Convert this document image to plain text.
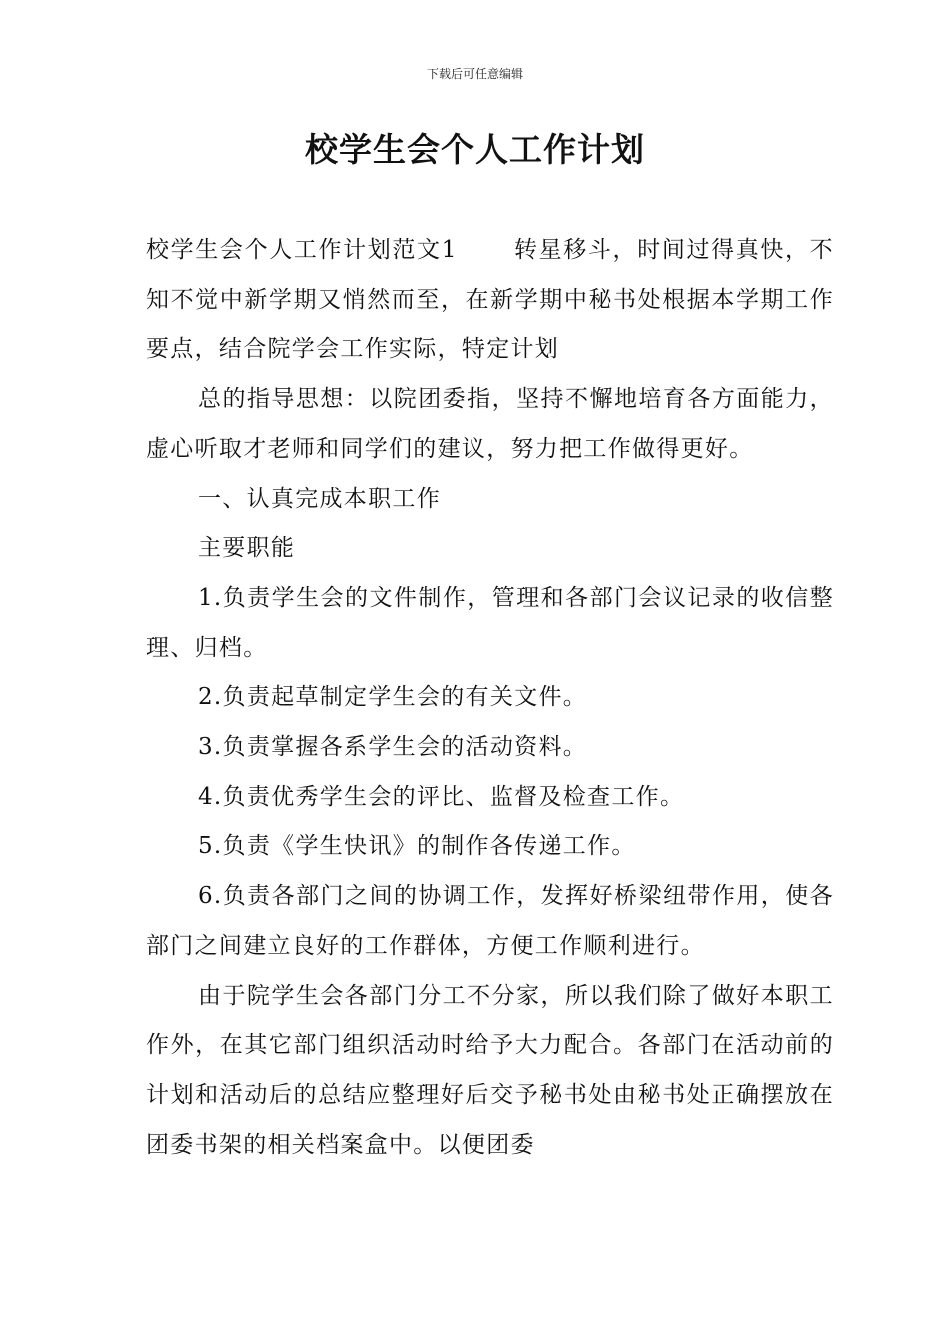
下载后可任意编辑
校学生会个人工作计划

校学生会个人工作计划范文1 转星移斗，时间过得真快，不知不觉中新学期又悄然而至，在新学期中秘书处根据本学期工作要点，结合院学会工作实际，特定计划

总的指导思想：以院团委指，坚持不懈地培育各方面能力，虚心听取才老师和同学们的建议，努力把工作做得更好。

一、认真完成本职工作

主要职能

1.负责学生会的文件制作，管理和各部门会议记录的收信整理、归档。

2.负责起草制定学生会的有关文件。

3.负责掌握各系学生会的活动资料。

4.负责优秀学生会的评比、监督及检查工作。

5.负责《学生快讯》的制作各传递工作。

6.负责各部门之间的协调工作，发挥好桥梁纽带作用，使各部门之间建立良好的工作群体，方便工作顺利进行。

由于院学生会各部门分工不分家，所以我们除了做好本职工作外，在其它部门组织活动时给予大力配合。各部门在活动前的计划和活动后的总结应整理好后交予秘书处由秘书处正确摆放在团委书架的相关档案盒中。以便团委
